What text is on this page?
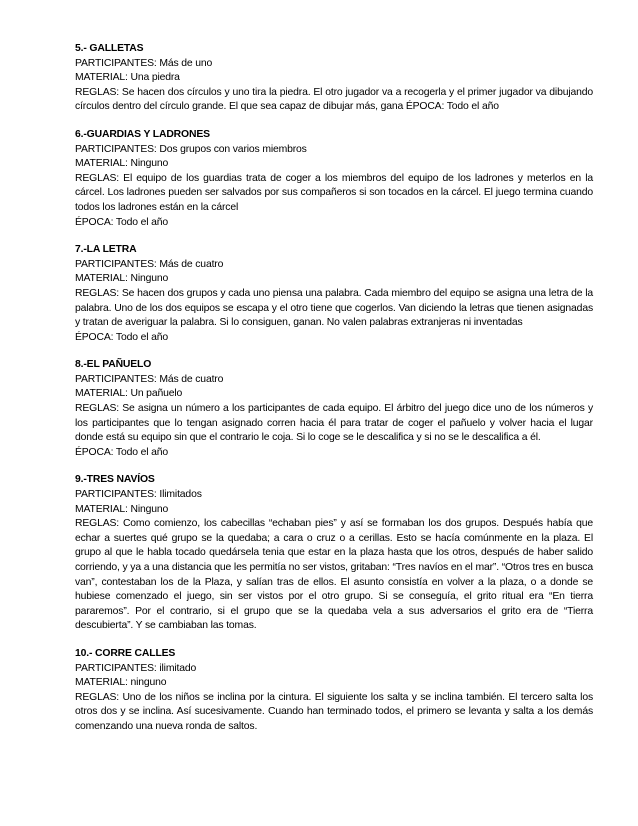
5.- GALLETAS
PARTICIPANTES: Más de uno
MATERIAL: Una piedra
REGLAS: Se hacen dos círculos y uno tira la piedra. El otro jugador va a recogerla y el primer jugador va dibujando círculos dentro del círculo grande. El que sea capaz de dibujar más, gana ÉPOCA: Todo el año
6.-GUARDIAS Y LADRONES
PARTICIPANTES: Dos grupos con varios miembros
MATERIAL: Ninguno
REGLAS: El equipo de los guardias trata de coger a los miembros del equipo de los ladrones y meterlos en la cárcel. Los ladrones pueden ser salvados por sus compañeros si son tocados en la cárcel. El juego termina cuando todos los ladrones están en la cárcel
ÉPOCA: Todo el año
7.-LA LETRA
PARTICIPANTES: Más de cuatro
MATERIAL: Ninguno
REGLAS: Se hacen dos grupos y cada uno piensa una palabra. Cada miembro del equipo se asigna una letra de la palabra. Uno de los dos equipos se escapa y el otro tiene que cogerlos. Van diciendo la letras que tienen asignadas y tratan de averiguar la palabra. Si lo consiguen, ganan. No valen palabras extranjeras ni inventadas
ÉPOCA: Todo el año
8.-EL PAÑUELO
PARTICIPANTES: Más de cuatro
MATERIAL: Un pañuelo
REGLAS: Se asigna un número a los participantes de cada equipo. El árbitro del juego dice uno de los números y los participantes que lo tengan asignado corren hacia él para tratar de coger el pañuelo y volver hacia el lugar donde está su equipo sin que el contrario le coja. Si lo coge se le descalifica y si no se le descalifica a él.
ÉPOCA: Todo el año
9.-TRES NAVÍOS
PARTICIPANTES: Ilimitados
MATERIAL: Ninguno
REGLAS: Como comienzo, los cabecillas “echaban pies” y así se formaban los dos grupos. Después había que echar a suertes qué grupo se la quedaba; a cara o cruz o a cerillas. Esto se hacía comúnmente en la plaza. El grupo al que le habla tocado quedársela tenia que estar en la plaza hasta que los otros, después de haber salido corriendo, y ya a una distancia que les permitía no ser vistos, gritaban: “Tres navíos en el mar”. “Otros tres en busca van”, contestaban los de la Plaza, y salían tras de ellos. El asunto consistía en volver a la plaza, o a donde se hubiese comenzado el juego, sin ser vistos por el otro grupo. Si se conseguía, el grito ritual era “En tierra pararemos”. Por el contrario, si el grupo que se la quedaba vela a sus adversarios el grito era de “Tierra descubierta”. Y se cambiaban las tomas.
10.- CORRE CALLES
PARTICIPANTES: ilimitado
MATERIAL: ninguno
REGLAS: Uno de los niños se inclina por la cintura. El siguiente los salta y se inclina también. El tercero salta los otros dos y se inclina. Así sucesivamente. Cuando han terminado todos, el primero se levanta y salta a los demás comenzando una nueva ronda de saltos.
